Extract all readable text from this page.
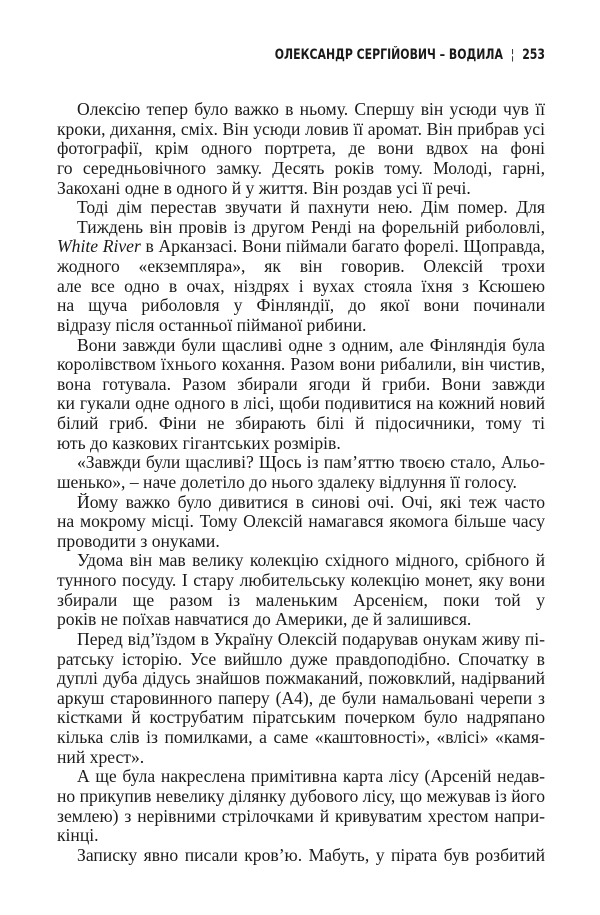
ОЛЕКСАНДР СЕРГІЙОВИЧ – ВОДИЛА ¦ 253
Олексію тепер було важко в ньому. Спершу він усюди чув її
кроки, дихання, сміх. Він усюди ловив її аромат. Він прибрав усі
фотографії, крім одного портрета, де вони вдвох на фоні
го середньовічного замку. Десять років тому. Молоді, гарні,
Закохані одне в одного й у життя. Він роздав усі її речі.
Тоді дім перестав звучати й пахнути нею. Дім помер. Для
Тиждень він провів із другом Ренді на форельній риболовлі,
White River в Арканзасі. Вони піймали багато форелі. Щоправда,
жодного «екземпляра», як він говорив. Олексій трохи
але все одно в очах, ніздрях і вухах стояла їхня з Ксюшею
на щуча риболовля у Фінляндії, до якої вони починали
відразу після останньої пійманої рибини.
Вони завжди були щасливі одне з одним, але Фінляндія була
королівством їхнього кохання. Разом вони рибалили, він чистив,
вона готувала. Разом збирали ягоди й гриби. Вони завжди
ки гукали одне одного в лісі, щоби подивитися на кожний новий
білий гриб. Фіни не збирають білі й підосичники, тому ті
ють до казкових гігантських розмірів.
«Завжди були щасливі? Щось із пам’яттю твоєю стало, Альо-
шенько», – наче долетіло до нього здалеку відлуння її голосу.
Йому важко було дивитися в синові очі. Очі, які теж часто
на мокрому місці. Тому Олексій намагався якомога більше часу
проводити з онуками.
Удома він мав велику колекцію східного мідного, срібного й
тунного посуду. І стару любительську колекцію монет, яку вони
збирали ще разом із маленьким Арсенієм, поки той у
років не поїхав навчатися до Америки, де й залишився.
Перед від’їздом в Україну Олексій подарував онукам живу пі-
ратську історію. Усе вийшло дуже правдоподібно. Спочатку в
дуплі дуба дідусь знайшов пожмаканий, пожовклий, надірваний
аркуш старовинного паперу (А4), де були намальовані черепи з
кістками й кострубатим піратським почерком було надряпано
кілька слів із помилками, а саме «каштовності», «влісі» «камя-
ний хрест».
А ще була накреслена примітивна карта лісу (Арсеній недав-
но прикупив невелику ділянку дубового лісу, що межував із його
землею) з нерівними стрілочками й кривуватим хрестом напри-
кінці.
Записку явно писали кров’ю. Мабуть, у пірата був розбитий
